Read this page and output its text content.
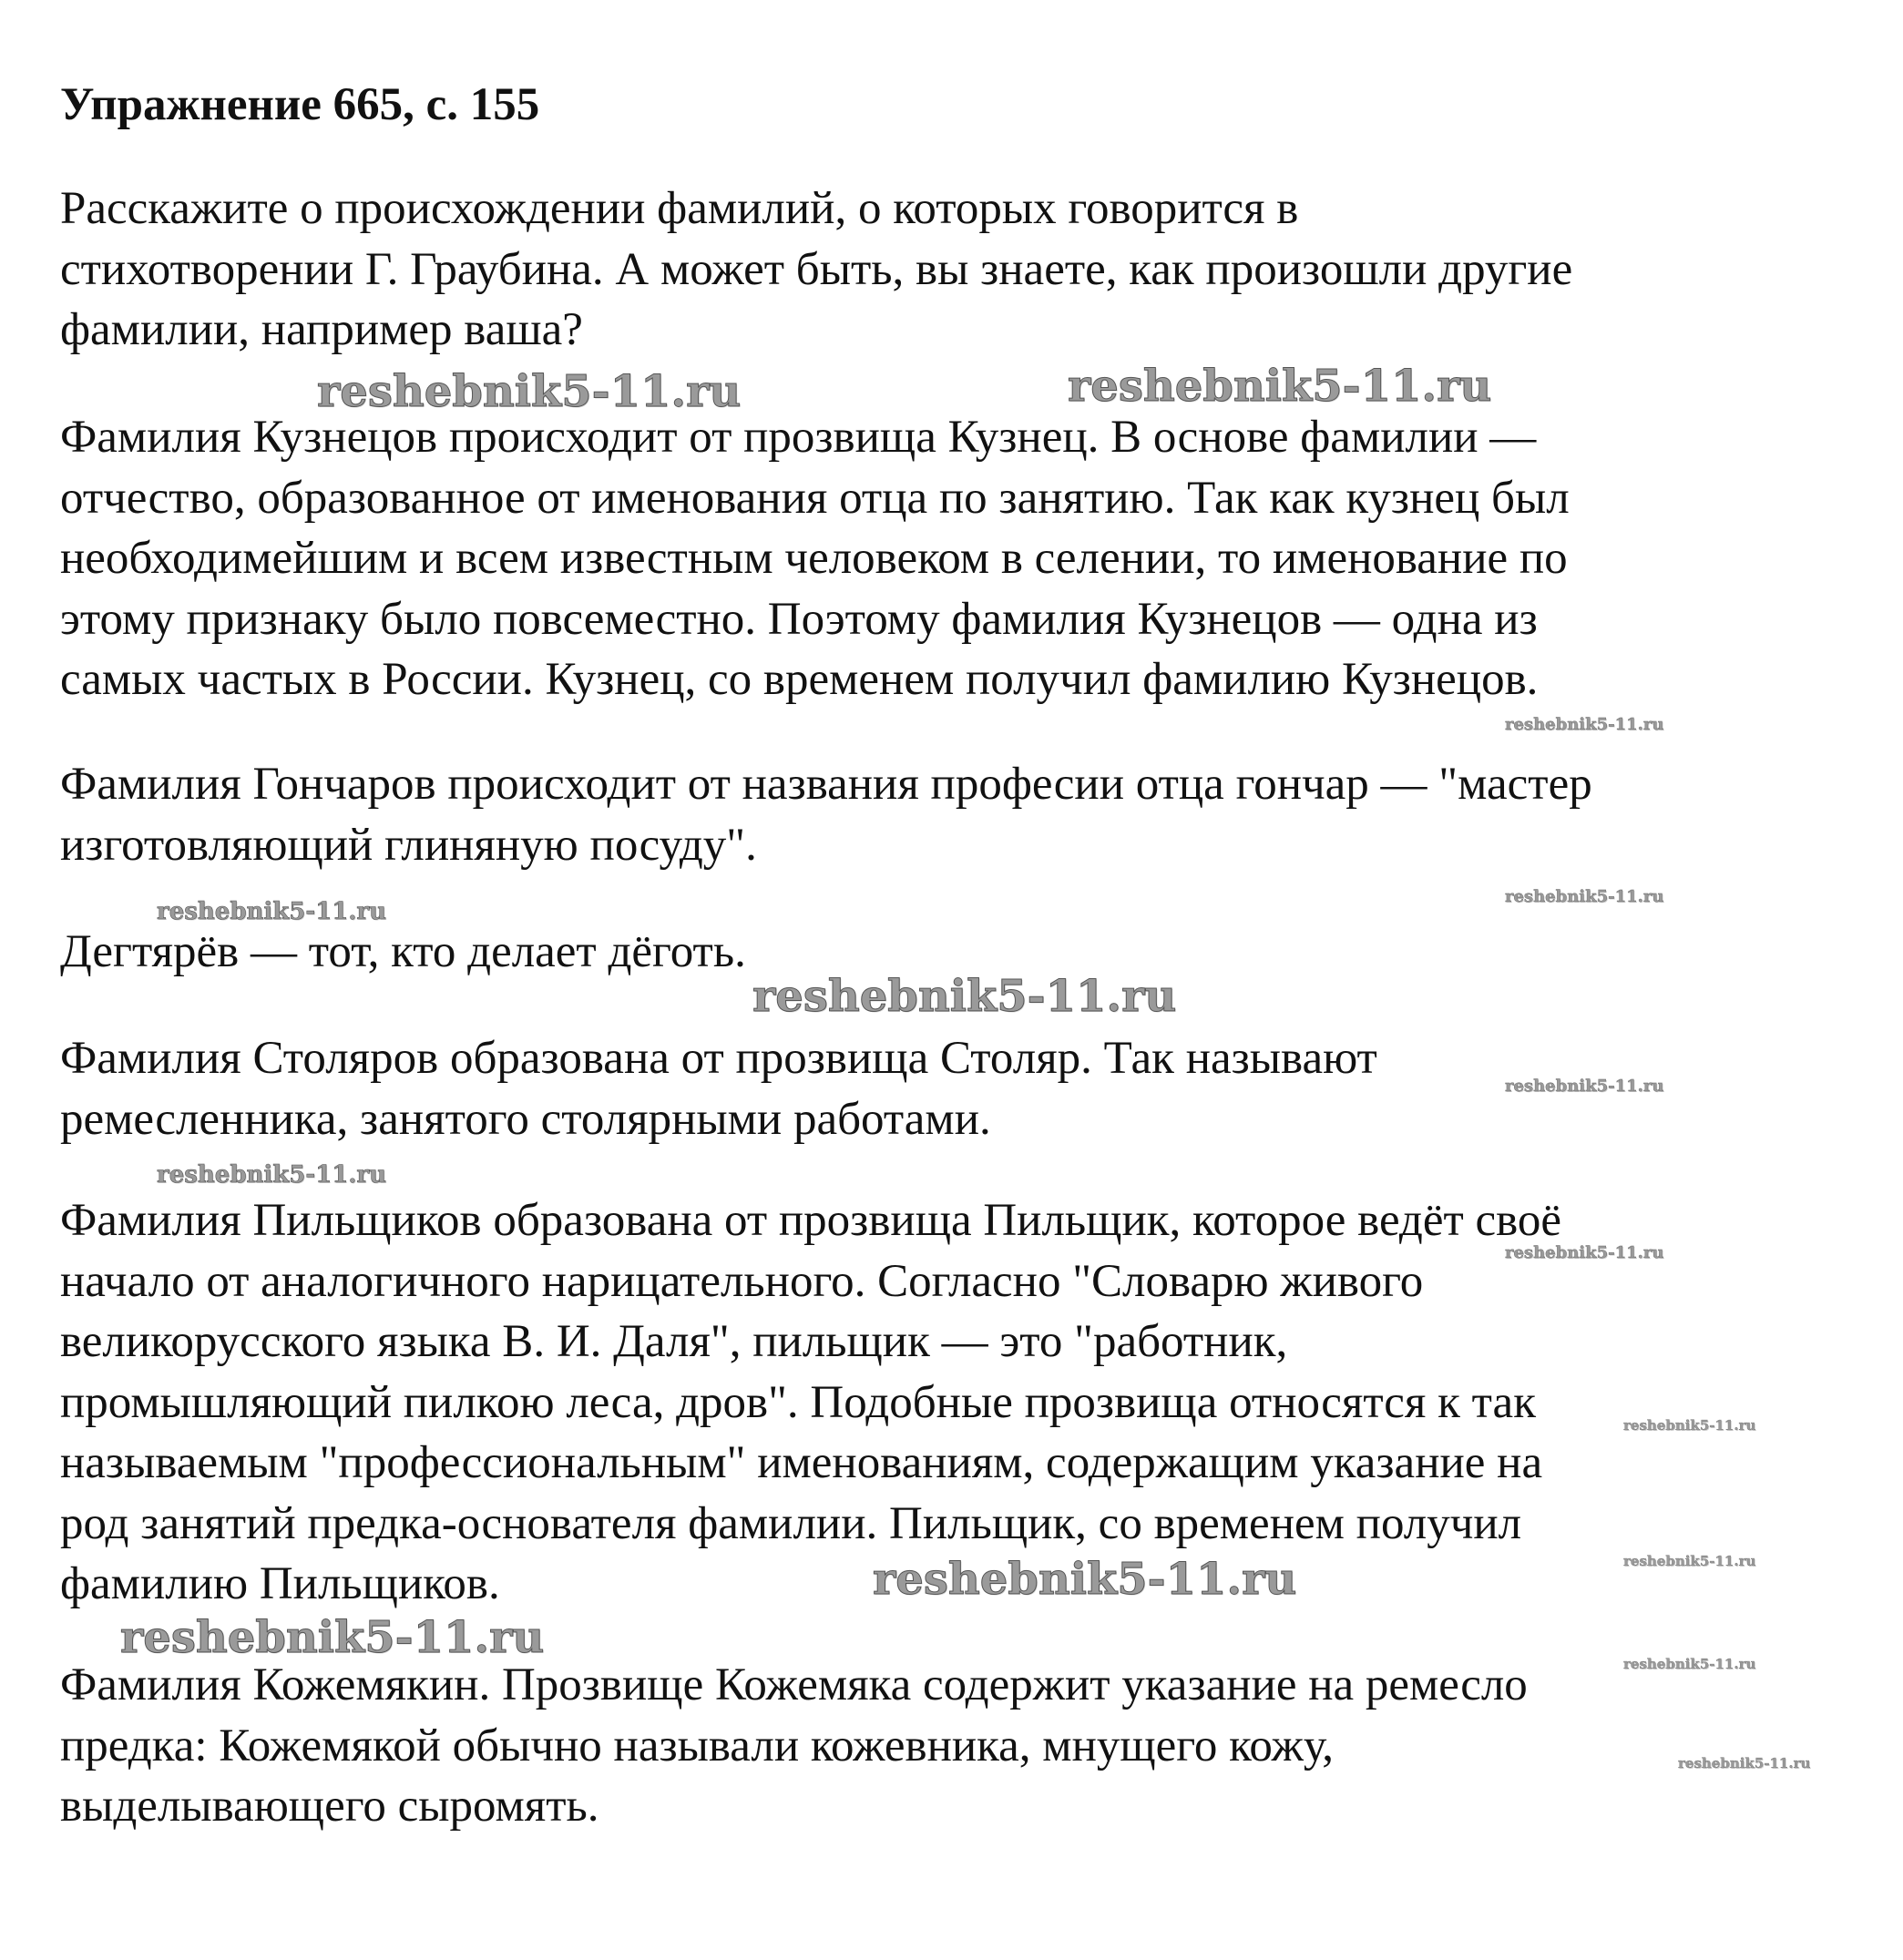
Упражнение 665, с. 155
Расскажите о происхождении фамилий, о которых говорится в
стихотворении Г. Граубина. А может быть, вы знаете, как произошли другие
фамилии, например ваша?
Фамилия Кузнецов происходит от прозвища Кузнец. В основе фамилии —
отчество, образованное от именования отца по занятию. Так как кузнец был
необходимейшим и всем известным человеком в селении, то именование по
этому признаку было повсеместно. Поэтому фамилия Кузнецов — одна из
самых частых в России. Кузнец, со временем получил фамилию Кузнецов.
Фамилия Гончаров происходит от названия професии отца гончар — "мастер
изготовляющий глиняную посуду".
Дегтярёв — тот, кто делает дёготь.
Фамилия Столяров образована от прозвища Столяр. Так называют
ремесленника, занятого столярными работами.
Фамилия Пильщиков образована от прозвища Пильщик, которое ведёт своё
начало от аналогичного нарицательного. Согласно "Словарю живого
великорусского языка В. И. Даля", пильщик — это "работник,
промышляющий пилкою леса, дров". Подобные прозвища относятся к так
называемым "профессиональным" именованиям, содержащим указание на
род занятий предка-основателя фамилии. Пильщик, со временем получил
фамилию Пильщиков.
Фамилия Кожемякин. Прозвище Кожемяка содержит указание на ремесло
предка: Кожемякой обычно называли кожевника, мнущего кожу,
выделывающего сыромять.
reshebnik5-11.ru	reshebnik5-11.ru
reshebnik5-11.ru
reshebnik5-11.ru
reshebnik5-11.ru
reshebnik5-11.ru
reshebnik5-11.ru
reshebnik5-11.ru
reshebnik5-11.ru
reshebnik5-11.ru
reshebnik5-11.ru
reshebnik5-11.ru
reshebnik5-11.ru
reshebnik5-11.ru
reshebnik5-11.ru
